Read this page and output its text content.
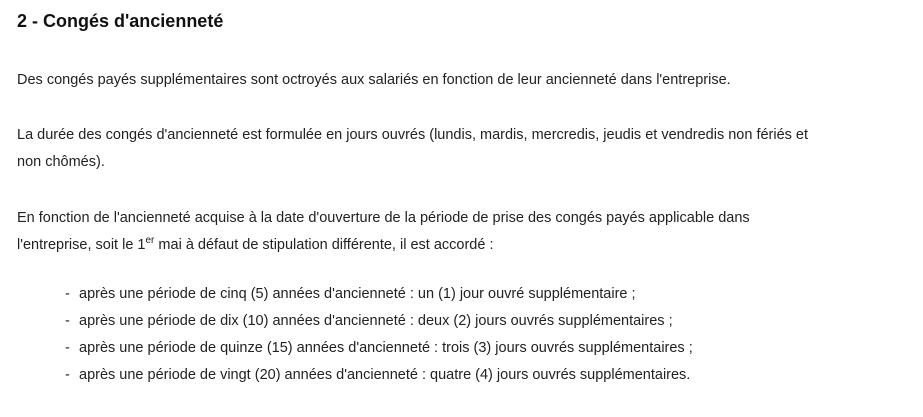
2 - Congés d'ancienneté

Des congés payés supplémentaires sont octroyés aux salariés en fonction de leur ancienneté dans l'entreprise.

La durée des congés d'ancienneté est formulée en jours ouvrés (lundis, mardis, mercredis, jeudis et vendredis non fériés et
non chômés).

En fonction de l'ancienneté acquise à la date d'ouverture de la période de prise des congés payés applicable dans
l'entreprise, soit le 1er mai à défaut de stipulation différente, il est accordé :

- après une période de cinq (5) années d'ancienneté : un (1) jour ouvré supplémentaire ;
- après une période de dix (10) années d'ancienneté : deux (2) jours ouvrés supplémentaires ;
- après une période de quinze (15) années d'ancienneté : trois (3) jours ouvrés supplémentaires ;
- après une période de vingt (20) années d'ancienneté : quatre (4) jours ouvrés supplémentaires.
